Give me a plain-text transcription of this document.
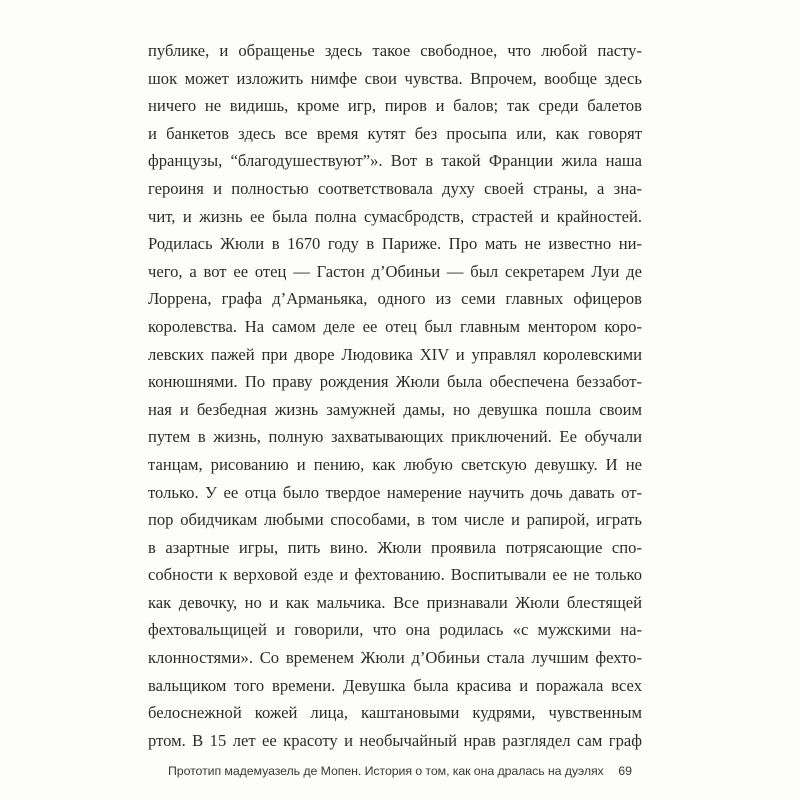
публике, и обращенье здесь такое свободное, что любой пасту-
шок может изложить нимфе свои чувства. Впрочем, вообще здесь
ничего не видишь, кроме игр, пиров и балов; так среди балетов
и банкетов здесь все время кутят без просыпа или, как говорят
французы, “благодушествуют”». Вот в такой Франции жила наша
героиня и полностью соответствовала духу своей страны, а зна-
чит, и жизнь ее была полна сумасбродств, страстей и крайностей.
Родилась Жюли в 1670 году в Париже. Про мать не известно ни-
чего, а вот ее отец — Гастон д’Обиньи — был секретарем Луи де
Лоррена, графа д’Арманьяка, одного из семи главных офицеров
королевства. На самом деле ее отец был главным ментором коро-
левских пажей при дворе Людовика XIV и управлял королевскими
конюшнями. По праву рождения Жюли была обеспечена беззабот-
ная и безбедная жизнь замужней дамы, но девушка пошла своим
путем в жизнь, полную захватывающих приключений. Ее обучали
танцам, рисованию и пению, как любую светскую девушку. И не
только. У ее отца было твердое намерение научить дочь давать от-
пор обидчикам любыми способами, в том числе и рапирой, играть
в азартные игры, пить вино. Жюли проявила потрясающие спо-
собности к верховой езде и фехтованию. Воспитывали ее не только
как девочку, но и как мальчика. Все признавали Жюли блестящей
фехтовальщицей и говорили, что она родилась «с мужскими на-
клонностями». Со временем Жюли д’Обиньи стала лучшим фехто-
вальщиком того времени. Девушка была красива и поражала всех
белоснежной кожей лица, каштановыми кудрями, чувственным
ртом. В 15 лет ее красоту и необычайный нрав разглядел сам граф
Прототип мадемуазель де Мопен. История о том, как она дралась на дуэлях 69
